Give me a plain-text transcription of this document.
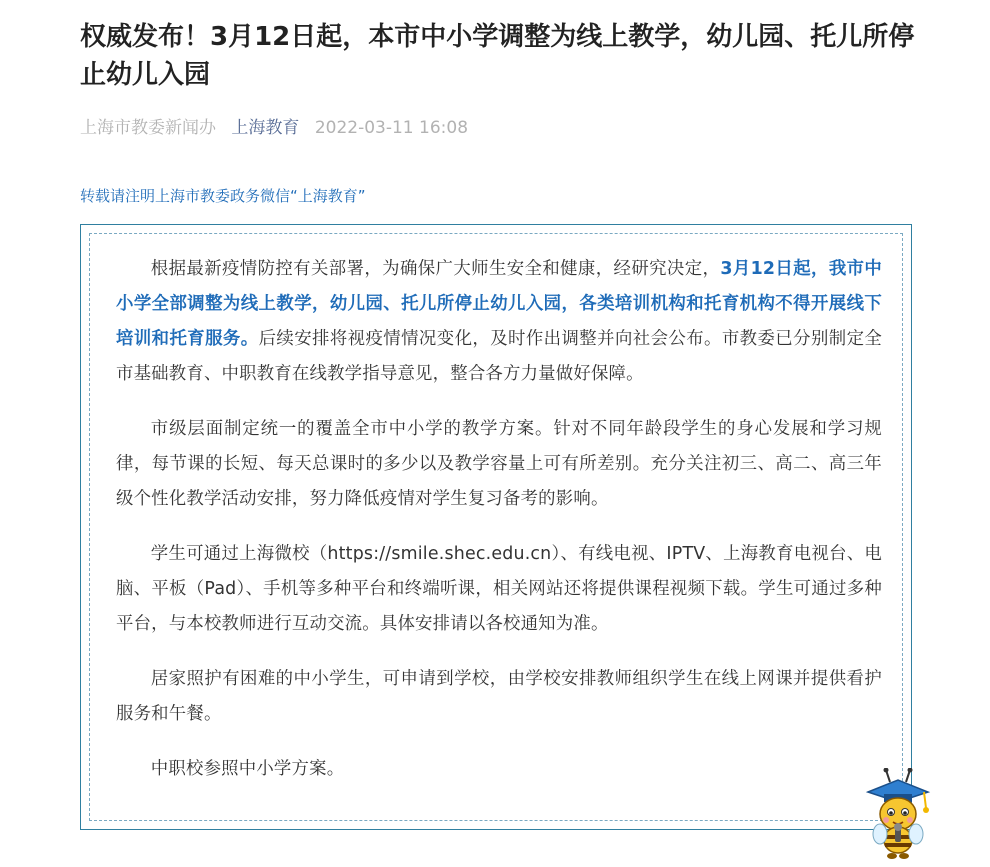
权威发布！3月12日起，本市中小学调整为线上教学，幼儿园、托儿所停止幼儿入园
上海市教委新闻办 上海教育 2022-03-11 16:08
转载请注明上海市教委政务微信“上海教育”

根据最新疫情防控有关部署，为确保广大师生安全和健康，经研究决定，3月12日起，我市中小学全部调整为线上教学，幼儿园、托儿所停止幼儿入园，各类培训机构和托育机构不得开展线下培训和托育服务。后续安排将视疫情情况变化，及时作出调整并向社会公布。市教委已分别制定全市基础教育、中职教育在线教学指导意见，整合各方力量做好保障。

市级层面制定统一的覆盖全市中小学的教学方案。针对不同年龄段学生的身心发展和学习规律，每节课的长短、每天总课时的多少以及教学容量上可有所差别。充分关注初三、高二、高三年级个性化教学活动安排，努力降低疫情对学生复习备考的影响。

学生可通过上海微校（https://smile.shec.edu.cn）、有线电视、IPTV、上海教育电视台、电脑、平板（Pad）、手机等多种平台和终端听课，相关网站还将提供课程视频下载。学生可通过多种平台，与本校教师进行互动交流。具体安排请以各校通知为准。

居家照护有困难的中小学生，可申请到学校，由学校安排教师组织学生在线上网课并提供看护服务和午餐。

中职校参照中小学方案。
